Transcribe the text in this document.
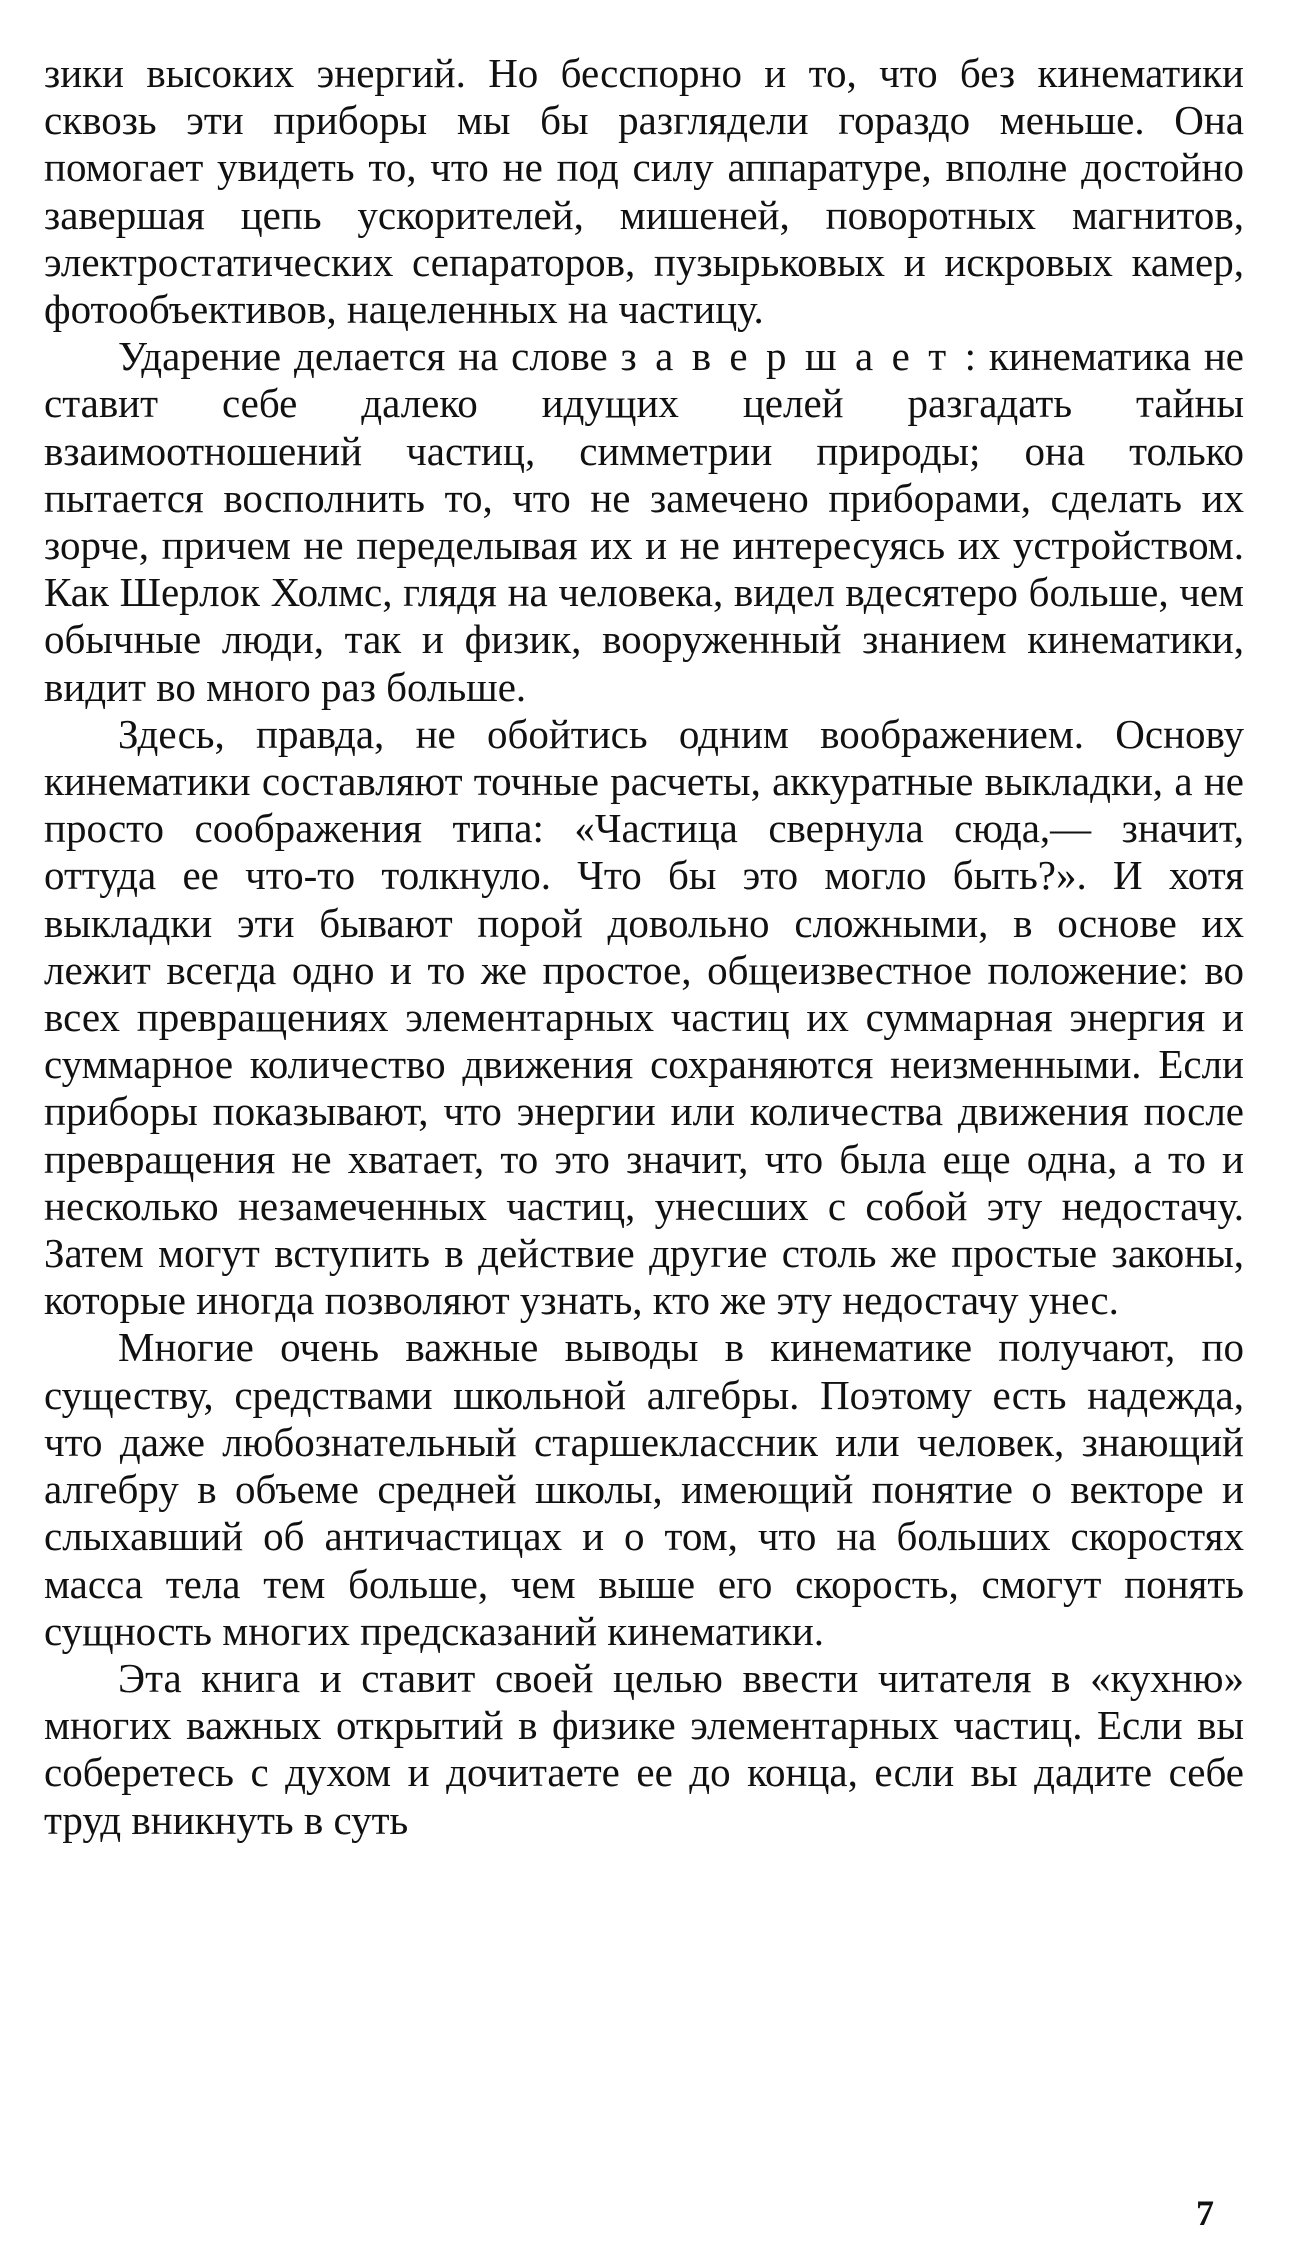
зики высоких энергий. Но бесспорно и то, что без кинематики сквозь эти приборы мы бы разглядели гораздо меньше. Она помогает увидеть то, что не под силу аппаратуре, вполне достойно завершая цепь ускорителей, мишеней, поворотных магнитов, электростатических сепараторов, пузырьковых и искровых камер, фотообъективов, нацеленных на частицу.

Ударение делается на слове завершает: кинематика не ставит себе далеко идущих целей разгадать тайны взаимоотношений частиц, симметрии природы; она только пытается восполнить то, что не замечено приборами, сделать их зорче, причем не переделывая их и не интересуясь их устройством. Как Шерлок Холмс, глядя на человека, видел вдесятеро больше, чем обычные люди, так и физик, вооруженный знанием кинематики, видит во много раз больше.

Здесь, правда, не обойтись одним воображением. Основу кинематики составляют точные расчеты, аккуратные выкладки, а не просто соображения типа: «Частица свернула сюда,— значит, оттуда ее что-то толкнуло. Что бы это могло быть?». И хотя выкладки эти бывают порой довольно сложными, в основе их лежит всегда одно и то же простое, общеизвестное положение: во всех превращениях элементарных частиц их суммарная энергия и суммарное количество движения сохраняются неизменными. Если приборы показывают, что энергии или количества движения после превращения не хватает, то это значит, что была еще одна, а то и несколько незамеченных частиц, унесших с собой эту недостачу. Затем могут вступить в действие другие столь же простые законы, которые иногда позволяют узнать, кто же эту недостачу унес.

Многие очень важные выводы в кинематике получают, по существу, средствами школьной алгебры. Поэтому есть надежда, что даже любознательный старшеклассник или человек, знающий алгебру в объеме средней школы, имеющий понятие о векторе и слыхавший об античастицах и о том, что на больших скоростях масса тела тем больше, чем выше его скорость, смогут понять сущность многих предсказаний кинематики.

Эта книга и ставит своей целью ввести читателя в «кухню» многих важных открытий в физике элементарных частиц. Если вы соберетесь с духом и дочитаете ее до конца, если вы дадите себе труд вникнуть в суть

7
